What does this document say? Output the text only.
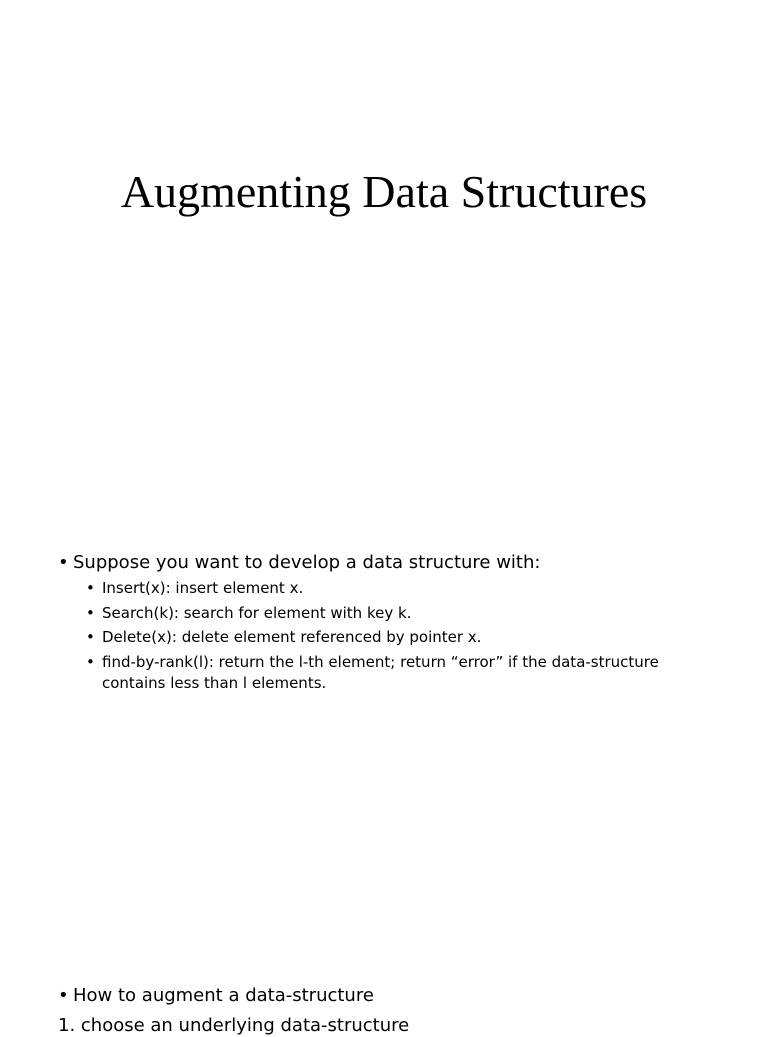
Augmenting Data Structures
• Suppose you want to develop a data structure with:
• Insert(x): insert element x.
• Search(k): search for element with key k.
• Delete(x): delete element referenced by pointer x.
• find-by-rank(l): return the l-th element; return “error” if the data-structure contains less than l elements.
• How to augment a data-structure
1. choose an underlying data-structure
